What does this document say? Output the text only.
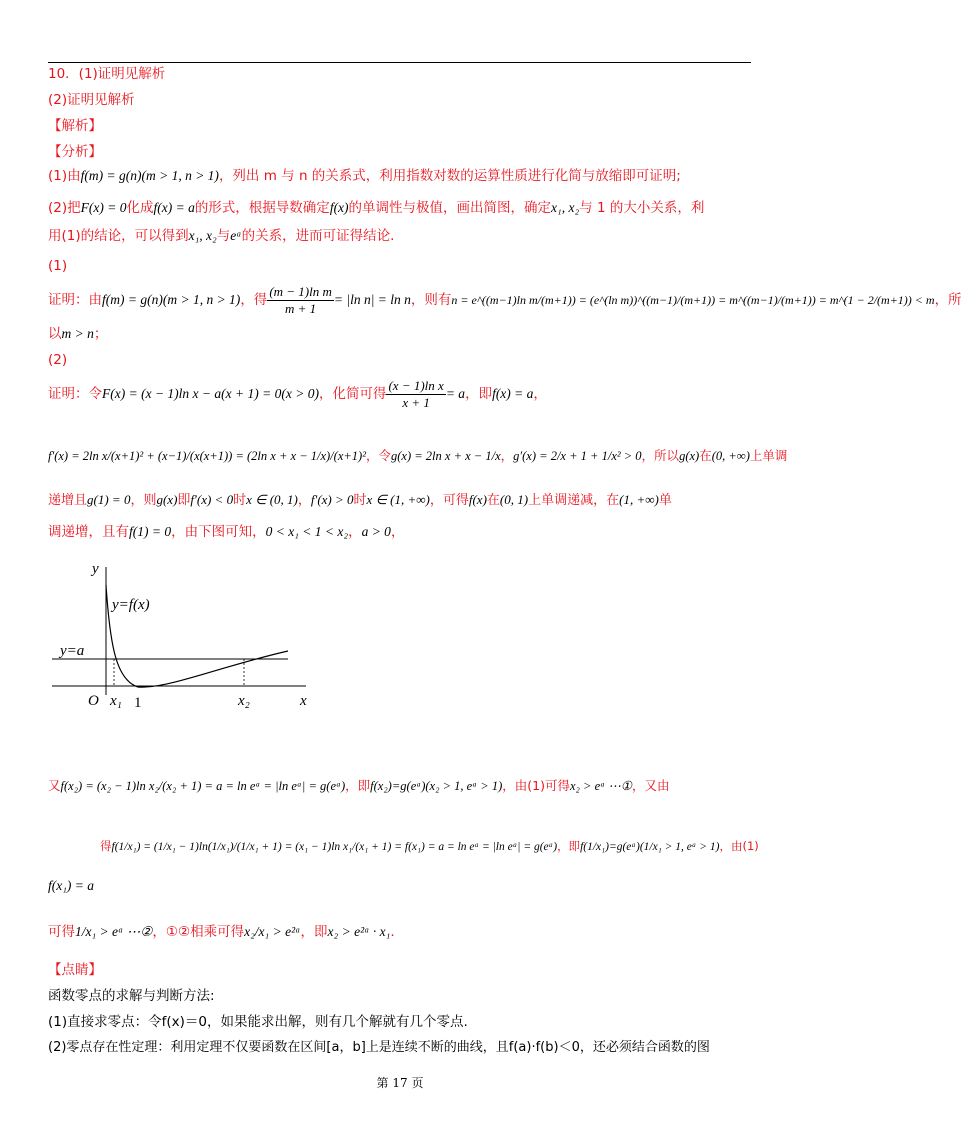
10．(1)证明见解析
(2)证明见解析
【解析】
【分析】
(1)由f(m) = g(n)(m > 1, n > 1)，列出 m 与 n 的关系式，利用指数对数的运算性质进行化简与放缩即可证明;
(2)把F(x) = 0化成f(x) = a的形式，根据导数确定f(x)的单调性与极值，画出简图，确定x₁, x₂与 1 的大小关系，利
用(1)的结论，可以得到x₁, x₂与eᵃ的关系，进而可证得结论.
(1)
证明：由f(m) = g(n)(m > 1, n > 1)，得 $\frac{\text{(m − 1)ln m}}{m + 1} = |\ln$ n| = ln n，则有n = e^((m−1)ln m/(m+1)) = (e^(ln m))^((m−1)/(m+1)) = m^((m−1)/(m+1)) = m^(1 − 2/(m+1)) < m，所
以m > n；
(2)
证明：令F(x) = (x − 1)ln x − a(x + 1) = 0(x > 0)，化简可得 $\frac{\text{(x − 1)ln x}}{x + 1} = a$，即f(x) = a，
f′(x) = 2ln x/(x+1)² + (x−1)/(x(x+1)) = (2ln x + x − 1/x)/(x+1)²，令g(x) = 2ln x + x − 1/x，g′(x) = 2/x + 1 + 1/x² > 0，所以g(x)在(0, +∞)上单调
递增且g(1) = 0，则g(x)即f′(x) < 0时x ∈ (0, 1)，f′(x) > 0时x ∈ (1, +∞)，可得f(x)在(0, 1)上单调递减，在(1, +∞)单
调递增，且有f(1) = 0，由下图可知，0 < x₁ < 1 < x₂，a > 0，
y
x
O
y=f(x)
y=a
x₁ 1	x₂
又f(x₂) = (x₂ − 1)ln x₂/(x₂ + 1) = a = ln eᵃ = |ln eᵃ| = g(eᵃ)，即f(x₂)=g(eᵃ)(x₂ > 1, eᵃ > 1)，由(1)可得x₂ > eᵃ ⋯①，又由
得f(1/x₁) = (1/x₁ − 1)ln(1/x₁)/(1/x₁ + 1) = (x₁ − 1)ln x₁/(x₁ + 1) = f(x₁) = a = ln eᵃ = |ln eᵃ| = g(eᵃ)，即f(1/x₁)=g(eᵃ)(1/x₁ > 1, eᵃ > 1)，由(1)
f(x₁) = a
可得1/x₁ > eᵃ ⋯②，①②相乘可得x₂/x₁ > e²ᵃ，即x₂ > e²ᵃ · x₁.
【点睛】
函数零点的求解与判断方法:
(1)直接求零点：令f(x)＝0，如果能求出解，则有几个解就有几个零点.
(2)零点存在性定理：利用定理不仅要函数在区间[a，b]上是连续不断的曲线，且f(a)·f(b)＜0，还必须结合函数的图
第 17 页
